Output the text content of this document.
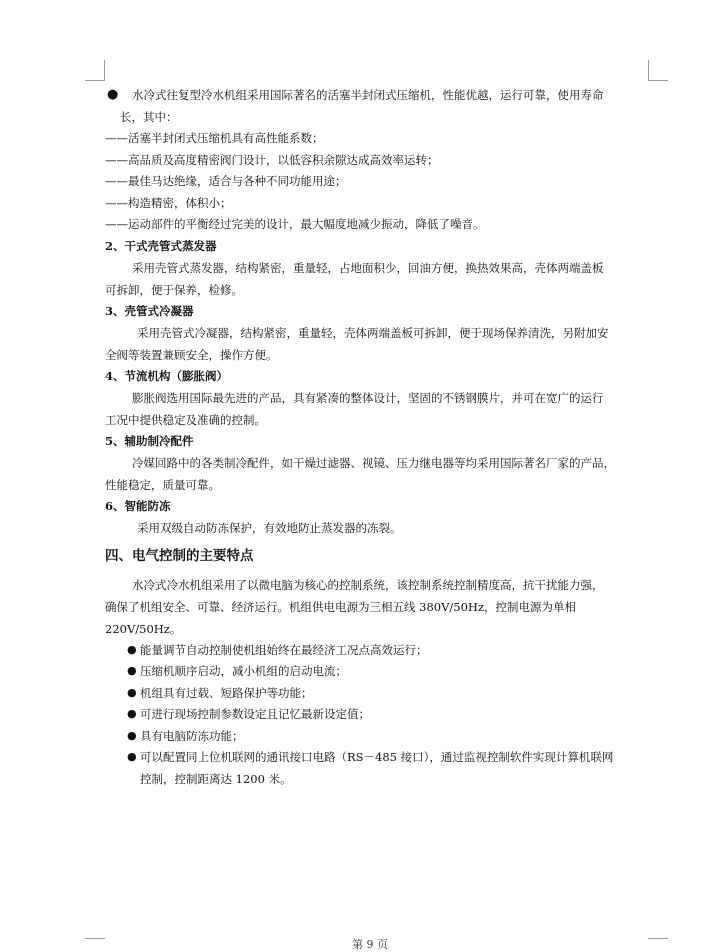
● 水冷式往复型冷水机组采用国际著名的活塞半封闭式压缩机，性能优越，运行可靠，使用寿命
长，其中：
——活塞半封闭式压缩机具有高性能系数；
——高品质及高度精密阀门设计，以低容积余隙达成高效率运转；
——最佳马达绝缘，适合与各种不同功能用途；
——构造精密，体积小；
——运动部件的平衡经过完美的设计，最大幅度地减少振动，降低了噪音。
2、干式壳管式蒸发器
采用壳管式蒸发器，结构紧密，重量轻，占地面积少，回油方便，换热效果高，壳体两端盖板
可拆卸，便于保养，检修。
3、壳管式冷凝器
采用壳管式冷凝器，结构紧密，重量轻，壳体两端盖板可拆卸，便于现场保养清洗，另附加安
全阀等装置兼顾安全，操作方便。
4、节流机构（膨胀阀）
膨胀阀选用国际最先进的产品，具有紧凑的整体设计，坚固的不锈钢膜片，并可在宽广的运行
工况中提供稳定及准确的控制。
5、辅助制冷配件
冷媒回路中的各类制冷配件，如干燥过滤器、视镜、压力继电器等均采用国际著名厂家的产品，
性能稳定，质量可靠。
6、智能防冻
采用双级自动防冻保护，有效地防止蒸发器的冻裂。
四、电气控制的主要特点
水冷式冷水机组采用了以微电脑为核心的控制系统，该控制系统控制精度高，抗干扰能力强，
确保了机组安全、可靠、经济运行。机组供电电源为三相五线 380V/50Hz，控制电源为单相
220V/50Hz。
● 能量调节自动控制使机组始终在最经济工况点高效运行；
● 压缩机顺序启动，减小机组的启动电流；
● 机组具有过载、短路保护等功能；
● 可进行现场控制参数设定且记忆最新设定值；
● 具有电脑防冻功能；
● 可以配置同上位机联网的通讯接口电路（RS－485 接口），通过监视控制软件实现计算机联网
控制，控制距离达 1200 米。
第 9 页
